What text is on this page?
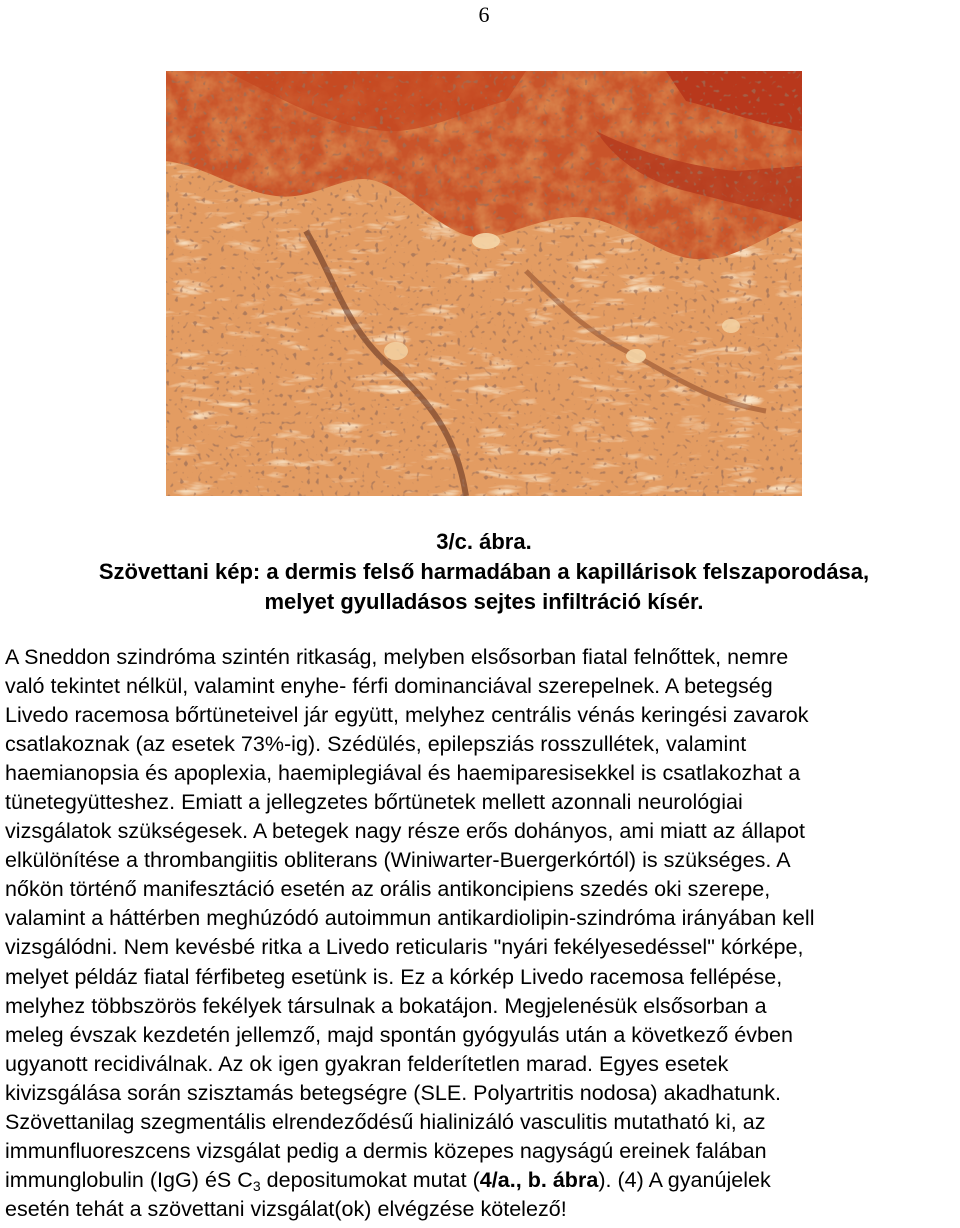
6
3/c. ábra.
Szövettani kép: a dermis felső harmadában a kapillárisok felszaporodása,
melyet gyulladásos sejtes infiltráció kísér.
A Sneddon szindróma szintén ritkaság, melyben elsősorban fiatal felnőttek, nemre
való tekintet nélkül, valamint enyhe- férfi dominanciával szerepelnek. A betegség
Livedo racemosa bőrtüneteivel jár együtt, melyhez centrális vénás keringési zavarok
csatlakoznak (az esetek 73%-ig). Szédülés, epilepsziás rosszullétek, valamint
haemianopsia és apoplexia, haemiplegiával és haemiparesisekkel is csatlakozhat a
tünetegyütteshez. Emiatt a jellegzetes bőrtünetek mellett azonnali neurológiai
vizsgálatok szükségesek. A betegek nagy része erős dohányos, ami miatt az állapot
elkülönítése a thrombangiitis obliterans (Winiwarter-Buergerkórtól) is szükséges. A
nőkön történő manifesztáció esetén az orális antikoncipiens szedés oki szerepe,
valamint a háttérben meghúzódó autoimmun antikardiolipin-szindróma irányában kell
vizsgálódni. Nem kevésbé ritka a Livedo reticularis "nyári fekélyesedéssel" kórképe,
melyet példáz fiatal férfibeteg esetünk is. Ez a kórkép Livedo racemosa fellépése,
melyhez többszörös fekélyek társulnak a bokatájon. Megjelenésük elsősorban a
meleg évszak kezdetén jellemző, majd spontán gyógyulás után a következő évben
ugyanott recidiválnak. Az ok igen gyakran felderítetlen marad. Egyes esetek
kivizsgálása során szisztamás betegségre (SLE. Polyartritis nodosa) akadhatunk.
Szövettanilag szegmentális elrendeződésű hialinizáló vasculitis mutatható ki, az
immunfluoreszcens vizsgálat pedig a dermis közepes nagyságú ereinek falában
immunglobulin (IgG) éS $C_3$ depositumokat mutat (4/a., b. ábra). (4) A gyanújelek
esetén tehát a szövettani vizsgálat(ok) elvégzése kötelező!
